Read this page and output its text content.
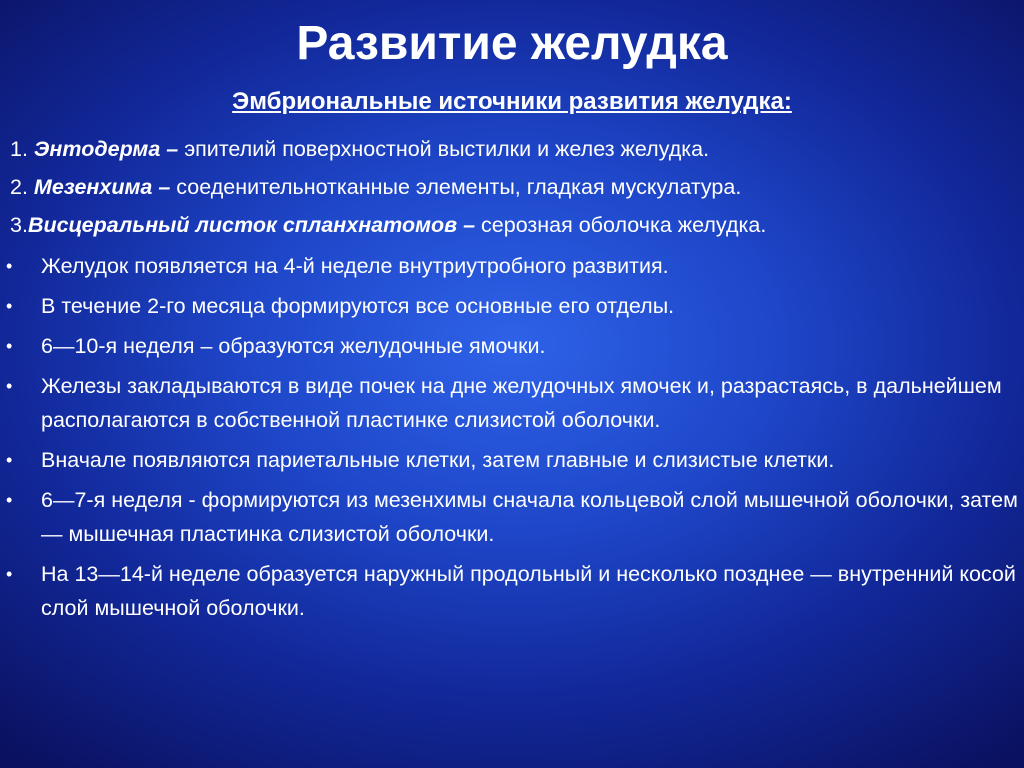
Развитие желудка
Эмбриональные источники развития желудка:
1. Энтодерма – эпителий поверхностной выстилки и желез желудка.
2. Мезенхима – соеденительнотканные элементы, гладкая мускулатура.
3.Висцеральный листок спланхнатомов – серозная оболочка желудка.
• Желудок появляется на 4-й неделе внутриутробного развития.
• В течение 2-го месяца формируются все основные его отделы.
• 6—10-я неделя – образуются желудочные ямочки.
• Железы закладываются в виде почек на дне желудочных ямочек и, разрастаясь, в дальнейшем располагаются в собственной пластинке слизистой оболочки.
• Вначале появляются париетальные клетки, затем главные и слизистые клетки.
• 6—7-я неделя - формируются из мезенхимы сначала кольцевой слой мышечной оболочки, затем — мышечная пластинка слизистой оболочки.
• На 13—14-й неделе образуется наружный продольный и несколько позднее — внутренний косой слой мышечной оболочки.
